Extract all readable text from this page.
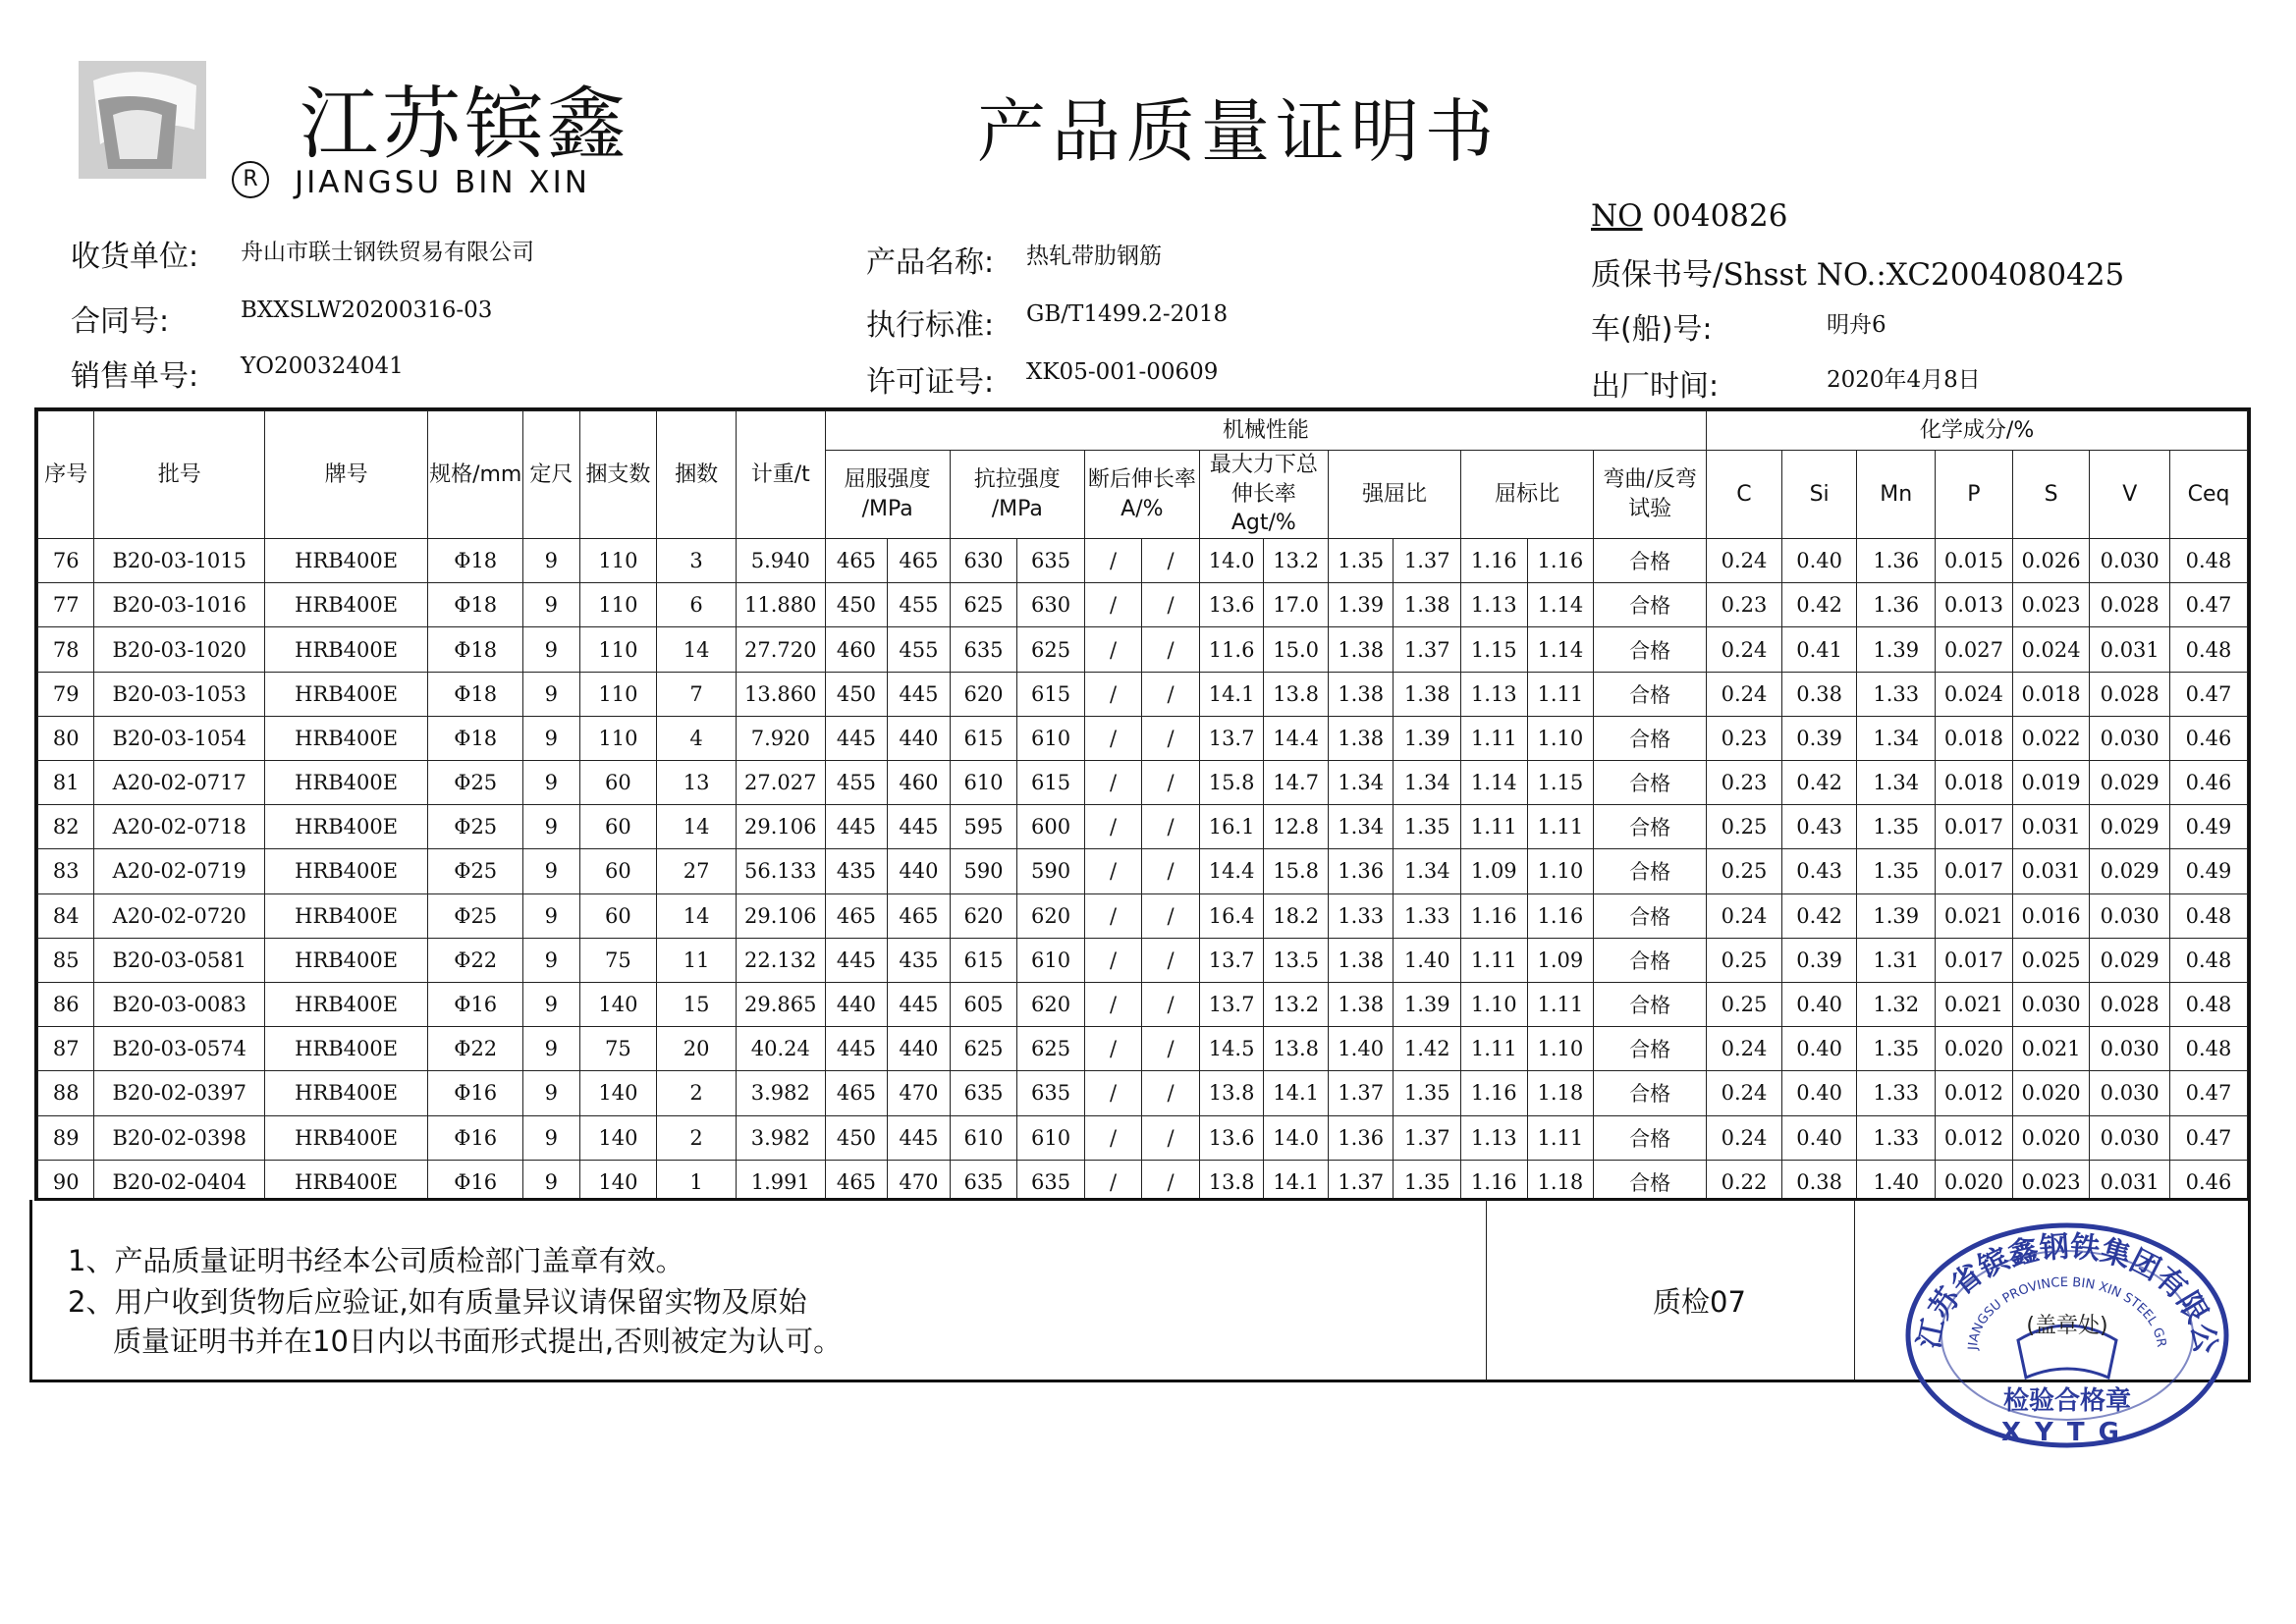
江苏镔鑫
R	JIANGSU BIN XIN
产品质量证明书
收货单位: 舟山市联士钢铁贸易有限公司
合同号:	BXXSLW20200316-03
销售单号: YO200324041
产品名称: 热轧带肋钢筋
执行标准: GB/T1499.2-2018
许可证号: XK05-001-00609
NO 0040826
质保书号/Shsst NO.:XC2004080425
车(船)号:	明舟6
出厂时间:	2020年4月8日
序号	批号	牌号	规格/mm	定尺	捆支数	捆数	计重/t	机械性能													化学成分/%						
								屈服强度 /MPa		抗拉强度 /MPa		断后伸长率 A/%		最大力下总伸长率Agt/%		强屈比		屈标比		弯曲/反弯试验	C	Si	Mn	P	S	V	Ceq
76	B20-03-1015	HRB400E	Φ18	9	110	3	5.940	465	465	630	635	/	/	14.0	13.2	1.35	1.37	1.16	1.16	合格	0.24	0.40	1.36	0.015	0.026	0.030	0.48
77	B20-03-1016	HRB400E	Φ18	9	110	6	11.880	450	455	625	630	/	/	13.6	17.0	1.39	1.38	1.13	1.14	合格	0.23	0.42	1.36	0.013	0.023	0.028	0.47
78	B20-03-1020	HRB400E	Φ18	9	110	14	27.720	460	455	635	625	/	/	11.6	15.0	1.38	1.37	1.15	1.14	合格	0.24	0.41	1.39	0.027	0.024	0.031	0.48
79	B20-03-1053	HRB400E	Φ18	9	110	7	13.860	450	445	620	615	/	/	14.1	13.8	1.38	1.38	1.13	1.11	合格	0.24	0.38	1.33	0.024	0.018	0.028	0.47
80	B20-03-1054	HRB400E	Φ18	9	110	4	7.920	445	440	615	610	/	/	13.7	14.4	1.38	1.39	1.11	1.10	合格	0.23	0.39	1.34	0.018	0.022	0.030	0.46
81	A20-02-0717	HRB400E	Φ25	9	60	13	27.027	455	460	610	615	/	/	15.8	14.7	1.34	1.34	1.14	1.15	合格	0.23	0.42	1.34	0.018	0.019	0.029	0.46
82	A20-02-0718	HRB400E	Φ25	9	60	14	29.106	445	445	595	600	/	/	16.1	12.8	1.34	1.35	1.11	1.11	合格	0.25	0.43	1.35	0.017	0.031	0.029	0.49
83	A20-02-0719	HRB400E	Φ25	9	60	27	56.133	435	440	590	590	/	/	14.4	15.8	1.36	1.34	1.09	1.10	合格	0.25	0.43	1.35	0.017	0.031	0.029	0.49
84	A20-02-0720	HRB400E	Φ25	9	60	14	29.106	465	465	620	620	/	/	16.4	18.2	1.33	1.33	1.16	1.16	合格	0.24	0.42	1.39	0.021	0.016	0.030	0.48
85	B20-03-0581	HRB400E	Φ22	9	75	11	22.132	445	435	615	610	/	/	13.7	13.5	1.38	1.40	1.11	1.09	合格	0.25	0.39	1.31	0.017	0.025	0.029	0.48
86	B20-03-0083	HRB400E	Φ16	9	140	15	29.865	440	445	605	620	/	/	13.7	13.2	1.38	1.39	1.10	1.11	合格	0.25	0.40	1.32	0.021	0.030	0.028	0.48
87	B20-03-0574	HRB400E	Φ22	9	75	20	40.24	445	440	625	625	/	/	14.5	13.8	1.40	1.42	1.11	1.10	合格	0.24	0.40	1.35	0.020	0.021	0.030	0.48
88	B20-02-0397	HRB400E	Φ16	9	140	2	3.982	465	470	635	635	/	/	13.8	14.1	1.37	1.35	1.16	1.18	合格	0.24	0.40	1.33	0.012	0.020	0.030	0.47
89	B20-02-0398	HRB400E	Φ16	9	140	2	3.982	450	445	610	610	/	/	13.6	14.0	1.36	1.37	1.13	1.11	合格	0.24	0.40	1.33	0.012	0.020	0.030	0.47
90	B20-02-0404	HRB400E	Φ16	9	140	1	1.991	465	470	635	635	/	/	13.8	14.1	1.37	1.35	1.16	1.18	合格	0.22	0.38	1.40	0.020	0.023	0.031	0.46
1、产品质量证明书经本公司质检部门盖章有效。
2、用户收到货物后应验证,如有质量异议请保留实物及原始
质量证明书并在10日内以书面形式提出,否则被定为认可。
质检07
江苏省镔鑫钢铁集团有限公
JIANGSU PROVINCE BIN XIN STEEL GR
(盖章处)
检验合格章
XYTG
